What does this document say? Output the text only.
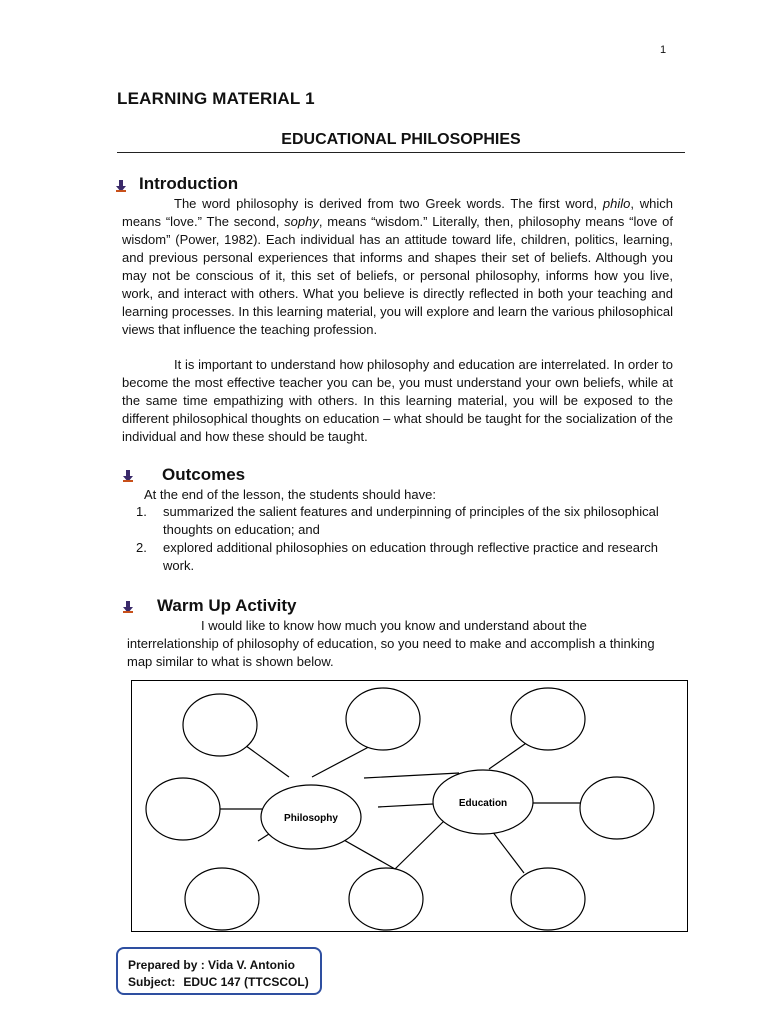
1
LEARNING MATERIAL 1
EDUCATIONAL PHILOSOPHIES
Introduction

The word philosophy is derived from two Greek words. The first word, philo, which means “love.” The second, sophy, means “wisdom.” Literally, then, philosophy means “love of wisdom” (Power, 1982). Each individual has an attitude toward life, children, politics, learning, and previous personal experiences that informs and shapes their set of beliefs. Although you may not be conscious of it, this set of beliefs, or personal philosophy, informs how you live, work, and interact with others. What you believe is directly reflected in both your teaching and learning processes. In this learning material, you will explore and learn the various philosophical views that influence the teaching profession.

It is important to understand how philosophy and education are interrelated. In order to become the most effective teacher you can be, you must understand your own beliefs, while at the same time empathizing with others. In this learning material, you will be exposed to the different philosophical thoughts on education – what should be taught for the socialization of the individual and how these should be taught.

Outcomes

At the end of the lesson, the students should have:

1. summarized the salient features and underpinning of principles of the six philosophical thoughts on education; and
2. explored additional philosophies on education through reflective practice and research work.
Warm Up Activity

I would like to know how much you know and understand about the
interrelationship of philosophy of education, so you need to make and accomplish a thinking map similar to what is shown below.

Philosophy
Education
Prepared by : Vida V. Antonio
Subject: EDUC 147 (TTCSCOL)
